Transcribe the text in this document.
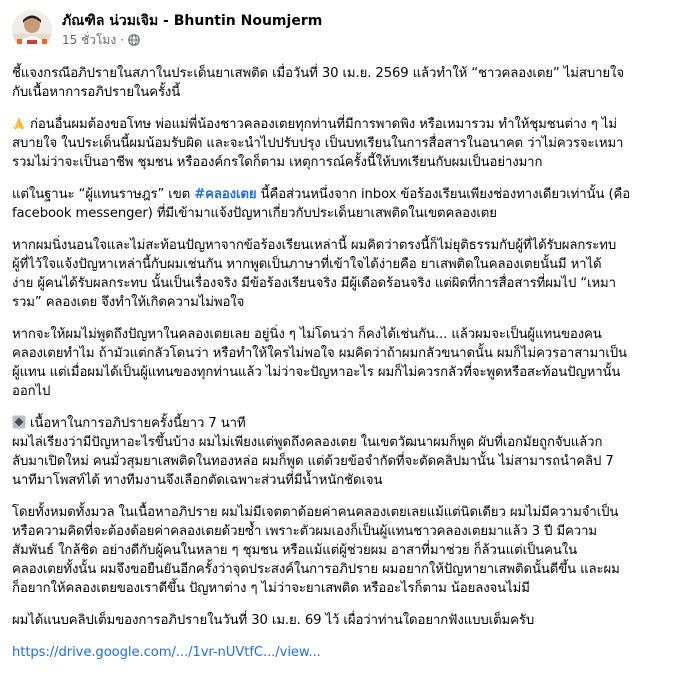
ภัณฑิล น่วมเจิม - Bhuntin Noumjerm
15 ชั่วโมง ·

ชี้แจงกรณีอภิปรายในสภาในประเด็นยาเสพติด เมื่อวันที่ 30 เม.ย. 2569 แล้วทำให้ “ชาวคลองเตย” ไม่สบายใจ
กับเนื้อหาการอภิปรายในครั้งนี้

ก่อนอื่นผมต้องขอโทษ พ่อแม่พี่น้องชาวคลองเตยทุกท่านที่มีการพาดพิง หรือเหมารวม ทำให้ชุมชนต่าง ๆ ไม่
สบายใจ ในประเด็นนี้ผมน้อมรับผิด และจะนำไปปรับปรุง เป็นบทเรียนในการสื่อสารในอนาคต ว่าไม่ควรจะเหมา
รวมไม่ว่าจะเป็นอาชีพ ชุมชน หรือองค์กรใดก็ตาม เหตุการณ์ครั้งนี้ให้บทเรียนกับผมเป็นอย่างมาก

แต่ในฐานะ “ผู้แทนราษฎร” เขต #คลองเตย นี้คือส่วนหนึ่งจาก inbox ข้อร้องเรียนเพียงช่องทางเดียวเท่านั้น (คือ
facebook messenger) ที่มีเข้ามาแจ้งปัญหาเกี่ยวกับประเด็นยาเสพติดในเขตคลองเตย

หากผมนิ่งนอนใจและไม่สะท้อนปัญหาจากข้อร้องเรียนเหล่านี้ ผมคิดว่าตรงนี้ก็ไม่ยุติธรรมกับผู้ที่ได้รับผลกระทบ
ผู้ที่ไว้ใจแจ้งปัญหาเหล่านี้กับผมเช่นกัน หากพูดเป็นภาษาที่เข้าใจได้ง่ายคือ ยาเสพติดในคลองเตยนั้นมี หาได้
ง่าย ผู้คนได้รับผลกระทบ นั้นเป็นเรื่องจริง มีข้อร้องเรียนจริง มีผู้เดือดร้อนจริง แต่ผิดที่การสื่อสารที่ผมไป “เหมา
รวม” คลองเตย จึงทำให้เกิดความไม่พอใจ

หากจะให้ผมไม่พูดถึงปัญหาในคลองเตยเลย อยู่นิ่ง ๆ ไม่โดนว่า ก็คงได้เช่นกัน... แล้วผมจะเป็นผู้แทนของคน
คลองเตยทำไม ถ้ามัวแต่กลัวโดนว่า หรือทำให้ใครไม่พอใจ ผมคิดว่าถ้าผมกลัวขนาดนั้น ผมก็ไม่ควรอาสามาเป็น
ผู้แทน แต่เมื่อผมได้เป็นผู้แทนของทุกท่านแล้ว ไม่ว่าจะปัญหาอะไร ผมก็ไม่ควรกลัวที่จะพูดหรือสะท้อนปัญหานั้น
ออกไป

เนื้อหาในการอภิปรายครั้งนี้ยาว 7 นาที
ผมไล่เรียงว่ามีปัญหาอะไรขึ้นบ้าง ผมไม่เพียงแต่พูดถึงคลองเตย ในเขตวัฒนาผมก็พูด ผับที่เอกมัยถูกจับแล้วก
ลับมาเปิดใหม่ คนมั่วสุมยาเสพติดในทองหล่อ ผมก็พูด แต่ด้วยข้อจำกัดที่จะตัดคลิปมานั้น ไม่สามารถนำคลิป 7
นาทีมาโพสท์ได้ ทางทีมงานจึงเลือกตัดเฉพาะส่วนที่มีน้ำหนักชัดเจน

โดยทั้งหมดทั้งมวล ในเนื้อหาอภิปราย ผมไม่มีเจตตาด้อยค่าคนคลองเตยเลยแม้แต่นิดเดียว ผมไม่มีความจำเป็น
หรือความคิดที่จะต้องด้อยค่าคลองเตยด้วยซ้ำ เพราะตัวผมเองก็เป็นผู้แทนชาวคลองเตยมาแล้ว 3 ปี มีความ
สัมพันธ์ ใกล้ชิด อย่างดีกับผู้คนในหลาย ๆ ชุมชน หรือแม้แต่ผู้ช่วยผม อาสาที่มาช่วย ก็ล้วนแต่เป็นคนใน
คลองเตยทั้งนั้น ผมจึงขอยืนยันอีกครั้งว่าจุดประสงค์ในการอภิปราย ผมอยากให้ปัญหายาเสพติดนั้นดีขึ้น และผม
ก็อยากให้คลองเตยของเราดีขึ้น ปัญหาต่าง ๆ ไม่ว่าจะยาเสพติด หรืออะไรก็ตาม น้อยลงจนไม่มี

ผมได้แนบคลิปเต็มของการอภิปรายในวันที่ 30 เม.ย. 69 ไว้ เผื่อว่าท่านใดอยากฟังแบบเต็มครับ

https://drive.google.com/.../1vr-nUVtfC.../view...
